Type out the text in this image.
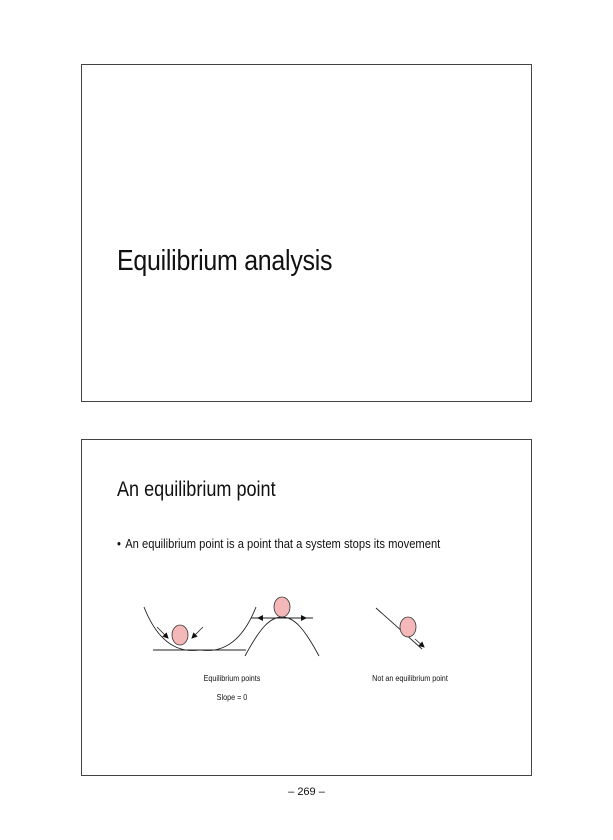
Equilibrium analysis
An equilibrium point
• An equilibrium point is a point that a system stops its movement
Equilibrium points
Slope = 0
Not an equilibrium point
– 269 –
